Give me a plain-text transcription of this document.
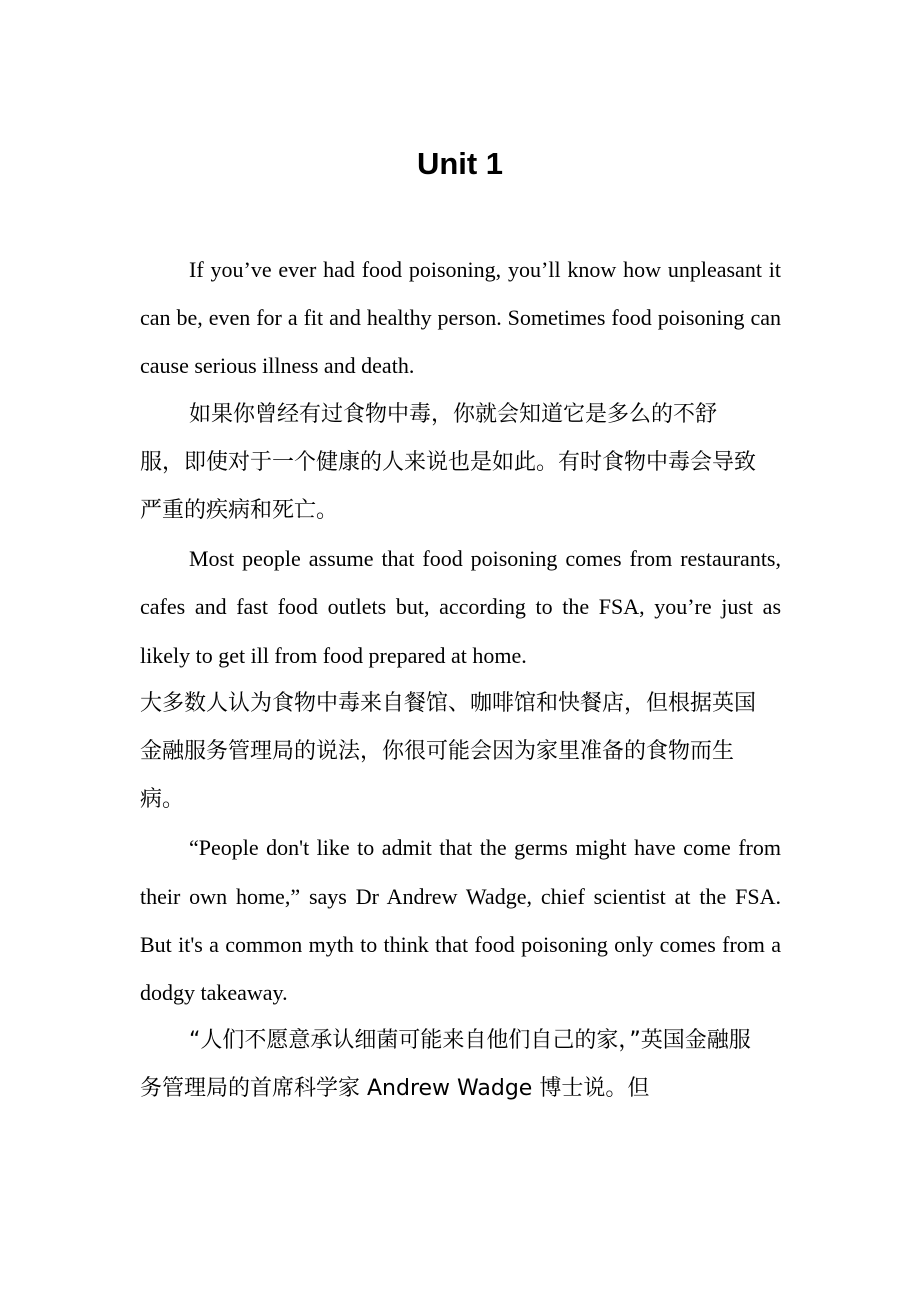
Unit 1

If you’ve ever had food poisoning, you’ll know how unpleasant it can be, even for a fit and healthy person. Sometimes food poisoning can cause serious illness and death.

如果你曾经有过食物中毒，你就会知道它是多么的不舒服，即使对于一个健康的人来说也是如此。有时食物中毒会导致严重的疾病和死亡。

Most people assume that food poisoning comes from restaurants, cafes and fast food outlets but, according to the FSA, you’re just as likely to get ill from food prepared at home.

大多数人认为食物中毒来自餐馆、咖啡馆和快餐店，但根据英国金融服务管理局的说法，你很可能会因为家里准备的食物而生病。

“People don't like to admit that the germs might have come from their own home,” says Dr Andrew Wadge, chief scientist at the FSA. But it's a common myth to think that food poisoning only comes from a dodgy takeaway.

“人们不愿意承认细菌可能来自他们自己的家，”英国金融服务管理局的首席科学家 Andrew Wadge 博士说。但
